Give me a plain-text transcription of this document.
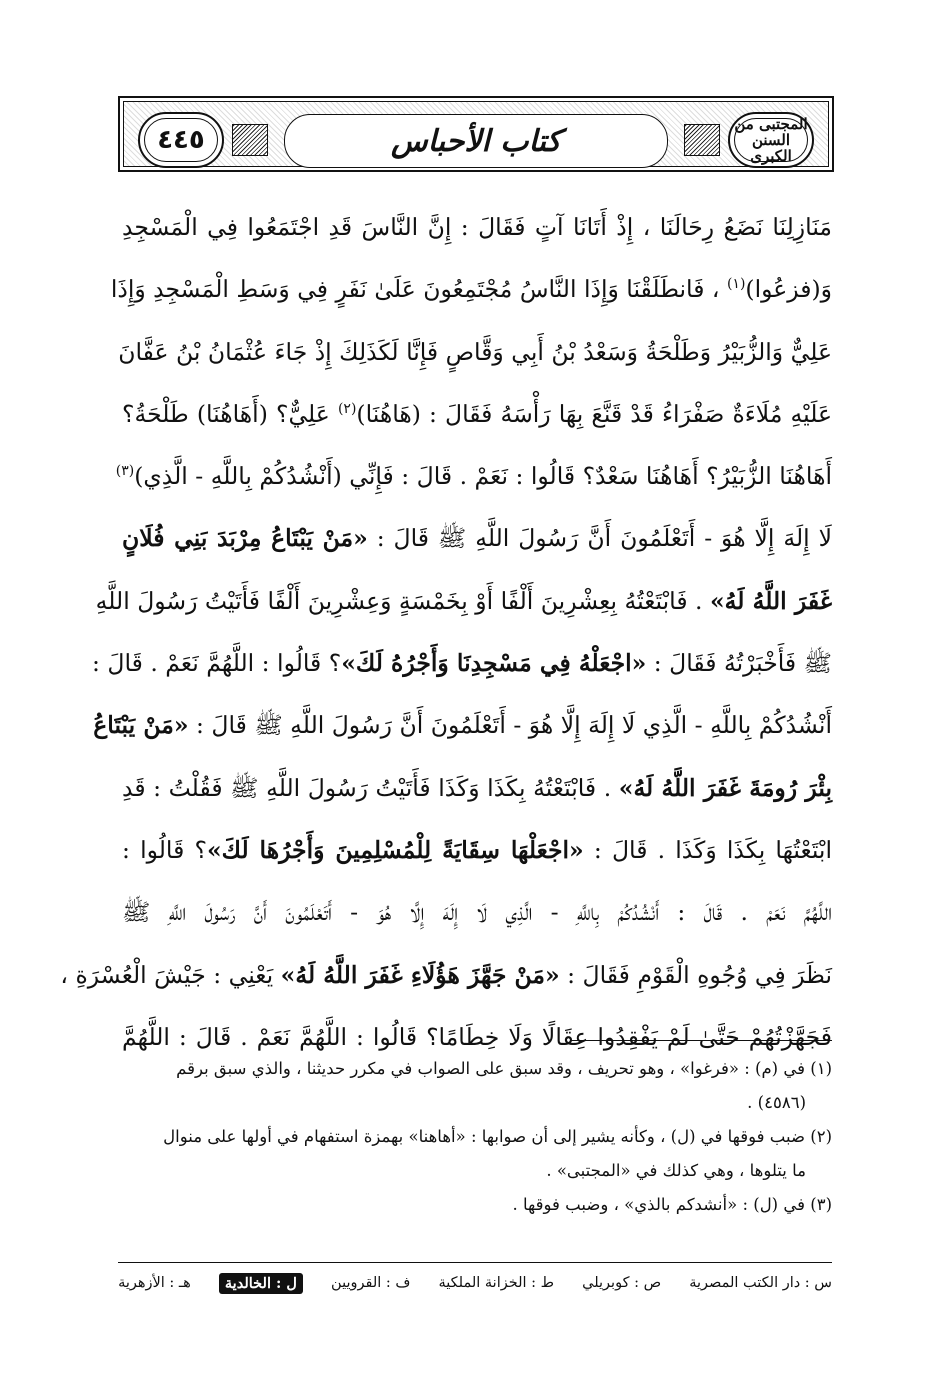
٤٤٥	كتاب الأحباس	المجتبى من السنن الكبرى
مَنَازِلِنَا نَضَعُ رِحَالَنَا ، إِذْ أَتَانَا آتٍ فَقَالَ : إِنَّ النَّاسَ قَدِ اجْتَمَعُوا فِي الْمَسْجِدِ
وَ(فزعُوا)$^{(١)}$ ، فَانطَلَقْنَا وَإِذَا النَّاسُ مُجْتَمِعُونَ عَلَىٰ نَفَرٍ فِي وَسَطِ الْمَسْجِدِ وَإِذَا
عَلِيٌّ وَالزُّبَيْرُ وَطَلْحَةُ وَسَعْدُ بْنُ أَبِي وَقَّاصٍ فَإِنَّا لَكَذَلِكَ إِذْ جَاءَ عُثْمَانُ بْنُ عَفَّانَ
عَلَيْهِ مُلَاءَةٌ صَفْرَاءُ قَدْ قَنَّعَ بِهَا رَأْسَهُ فَقَالَ : (هَاهُنَا)$^{(٢)}$ عَلِيٌّ؟ (أَهَاهُنَا) طَلْحَةُ؟
أَهَاهُنَا الزُّبَيْرُ؟ أَهَاهُنَا سَعْدٌ؟ قَالُوا : نَعَمْ . قَالَ : فَإِنِّي (أَنْشُدُكُمْ بِاللَّهِ - الَّذِي)$^{(٣)}$
لَا إِلَهَ إِلَّا هُوَ - أَتَعْلَمُونَ أَنَّ رَسُولَ اللَّهِ ﷺ قَالَ : «مَنْ يَبْتَاعُ مِرْبَدَ بَنِي فُلَانٍ
غَفَرَ اللَّهُ لَهُ» . فَابْتَعْتُهُ بِعِشْرِينَ أَلْفًا أَوْ بِخَمْسَةٍ وَعِشْرِينَ أَلْفًا فَأَتَيْتُ رَسُولَ اللَّهِ
ﷺ فَأَخْبَرْتُهُ فَقَالَ : «اجْعَلْهُ فِي مَسْجِدِنَا وَأَجْرُهُ لَكَ»؟ قَالُوا : اللَّهُمَّ نَعَمْ . قَالَ :
أَنْشُدُكُمْ بِاللَّهِ - الَّذِي لَا إِلَهَ إِلَّا هُوَ - أَتَعْلَمُونَ أَنَّ رَسُولَ اللَّهِ ﷺ قَالَ : «مَنْ يَبْتَاعُ
بِئْرَ رُومَةَ غَفَرَ اللَّهُ لَهُ» . فَابْتَعْتُهُ بِكَذَا وَكَذَا فَأَتَيْتُ رَسُولَ اللَّهِ ﷺ فَقُلْتُ : قَدِ
ابْتَعْتُهَا بِكَذَا وَكَذَا . قَالَ : «اجْعَلْهَا سِقَايَةً لِلْمُسْلِمِينَ وَأَجْرُهَا لَكَ»؟ قَالُوا :
اللَّهُمَّ نَعَمْ . قَالَ : أَنْشُدُكُمْ بِاللَّهِ - الَّذِي لَا إِلَهَ إِلَّا هُوَ - أَتَعْلَمُونَ أَنَّ رَسُولَ اللَّهِ ﷺ
نَظَرَ فِي وُجُوهِ الْقَوْمِ فَقَالَ : «مَنْ جَهَّزَ هَؤُلَاءِ غَفَرَ اللَّهُ لَهُ» يَعْنِي : جَيْشَ الْعُسْرَةِ ،
فَجَهَّزْتُهُمْ حَتَّىٰ لَمْ يَفْقِدُوا عِقَالًا وَلَا خِطَامًا؟ قَالُوا : اللَّهُمَّ نَعَمْ . قَالَ : اللَّهُمَّ
(١) في (م) : «فرغوا» ، وهو تحريف ، وقد سبق على الصواب في مكرر حديثنا ، والذي سبق برقم
(٤٥٨٦) .
(٢) ضبب فوقها في (ل) ، وكأنه يشير إلى أن صوابها : «أهاهنا» بهمزة استفهام في أولها على منوال
ما يتلوها ، وهي كذلك في «المجتبى» .
(٣) في (ل) : «أنشدكم بالذي» ، وضبب فوقها .
س : دار الكتب المصرية
ص : كوبريلي
ط : الخزانة الملكية
ف : القرويين
ل : الخالدية
هـ : الأزهرية
